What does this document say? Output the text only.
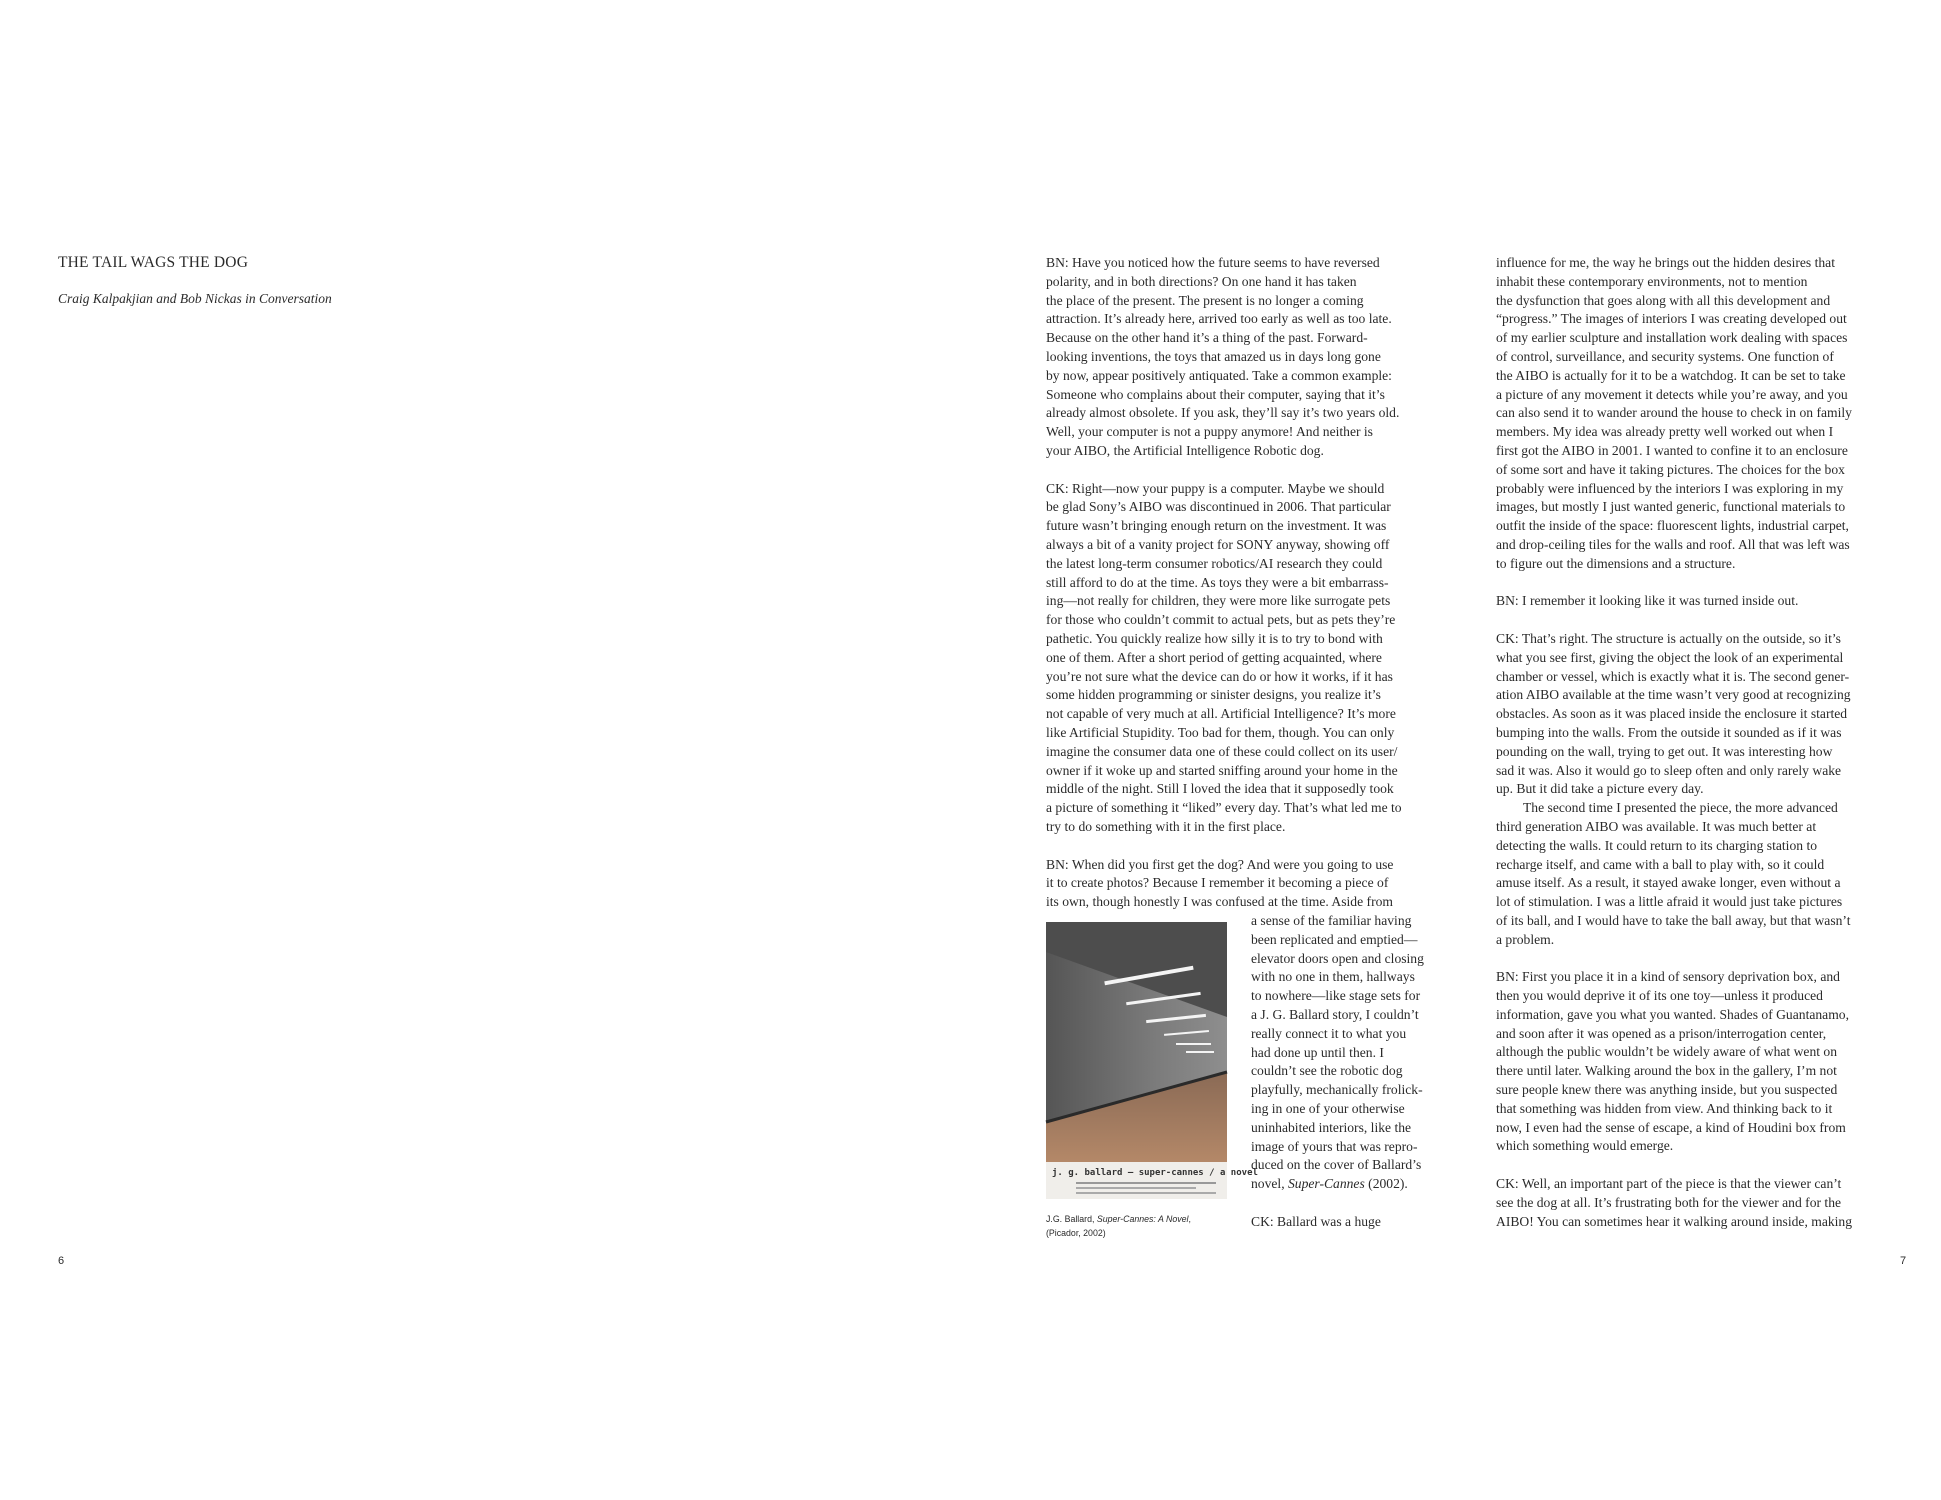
THE TAIL WAGS THE DOG
Craig Kalpakjian and Bob Nickas in Conversation
6
BN: Have you noticed how the future seems to have reversed
polarity, and in both directions? On one hand it has taken
the place of the present. The present is no longer a coming
attraction. It’s already here, arrived too early as well as too late.
Because on the other hand it’s a thing of the past. Forward-
looking inventions, the toys that amazed us in days long gone
by now, appear positively antiquated. Take a common example:
Someone who complains about their computer, saying that it’s
already almost obsolete. If you ask, they’ll say it’s two years old.
Well, your computer is not a puppy anymore! And neither is
your AIBO, the Artificial Intelligence Robotic dog.
CK: Right—now your puppy is a computer. Maybe we should
be glad Sony’s AIBO was discontinued in 2006. That particular
future wasn’t bringing enough return on the investment. It was
always a bit of a vanity project for SONY anyway, showing off
the latest long-term consumer robotics/AI research they could
still afford to do at the time. As toys they were a bit embarrass-
ing—not really for children, they were more like surrogate pets
for those who couldn’t commit to actual pets, but as pets they’re
pathetic. You quickly realize how silly it is to try to bond with
one of them. After a short period of getting acquainted, where
you’re not sure what the device can do or how it works, if it has
some hidden programming or sinister designs, you realize it’s
not capable of very much at all. Artificial Intelligence? It’s more
like Artificial Stupidity. Too bad for them, though. You can only
imagine the consumer data one of these could collect on its user/
owner if it woke up and started sniffing around your home in the
middle of the night. Still I loved the idea that it supposedly took
a picture of something it “liked” every day. That’s what led me to
try to do something with it in the first place.
BN: When did you first get the dog? And were you going to use
it to create photos? Because I remember it becoming a piece of
its own, though honestly I was confused at the time. Aside from
a sense of the familiar having
been replicated and emptied—
elevator doors open and closing
with no one in them, hallways
to nowhere—like stage sets for
a J. G. Ballard story, I couldn’t
really connect it to what you
had done up until then. I
couldn’t see the robotic dog
playfully, mechanically frolick-
ing in one of your otherwise
uninhabited interiors, like the
image of yours that was repro-
duced on the cover of Ballard’s
novel, Super-Cannes (2002).
CK: Ballard was a huge
j. g. ballard – super-cannes / a novel
J.G. Ballard, Super-Cannes: A Novel,
(Picador, 2002)
influence for me, the way he brings out the hidden desires that
inhabit these contemporary environments, not to mention
the dysfunction that goes along with all this development and
“progress.” The images of interiors I was creating developed out
of my earlier sculpture and installation work dealing with spaces
of control, surveillance, and security systems. One function of
the AIBO is actually for it to be a watchdog. It can be set to take
a picture of any movement it detects while you’re away, and you
can also send it to wander around the house to check in on family
members. My idea was already pretty well worked out when I
first got the AIBO in 2001. I wanted to confine it to an enclosure
of some sort and have it taking pictures. The choices for the box
probably were influenced by the interiors I was exploring in my
images, but mostly I just wanted generic, functional materials to
outfit the inside of the space: fluorescent lights, industrial carpet,
and drop-ceiling tiles for the walls and roof. All that was left was
to figure out the dimensions and a structure.
BN: I remember it looking like it was turned inside out.
CK: That’s right. The structure is actually on the outside, so it’s
what you see first, giving the object the look of an experimental
chamber or vessel, which is exactly what it is. The second gener-
ation AIBO available at the time wasn’t very good at recognizing
obstacles. As soon as it was placed inside the enclosure it started
bumping into the walls. From the outside it sounded as if it was
pounding on the wall, trying to get out. It was interesting how
sad it was. Also it would go to sleep often and only rarely wake
up. But it did take a picture every day.
The second time I presented the piece, the more advanced
third generation AIBO was available. It was much better at
detecting the walls. It could return to its charging station to
recharge itself, and came with a ball to play with, so it could
amuse itself. As a result, it stayed awake longer, even without a
lot of stimulation. I was a little afraid it would just take pictures
of its ball, and I would have to take the ball away, but that wasn’t
a problem.
BN: First you place it in a kind of sensory deprivation box, and
then you would deprive it of its one toy—unless it produced
information, gave you what you wanted. Shades of Guantanamo,
and soon after it was opened as a prison/interrogation center,
although the public wouldn’t be widely aware of what went on
there until later. Walking around the box in the gallery, I’m not
sure people knew there was anything inside, but you suspected
that something was hidden from view. And thinking back to it
now, I even had the sense of escape, a kind of Houdini box from
which something would emerge.
CK: Well, an important part of the piece is that the viewer can’t
see the dog at all. It’s frustrating both for the viewer and for the
AIBO! You can sometimes hear it walking around inside, making
7
